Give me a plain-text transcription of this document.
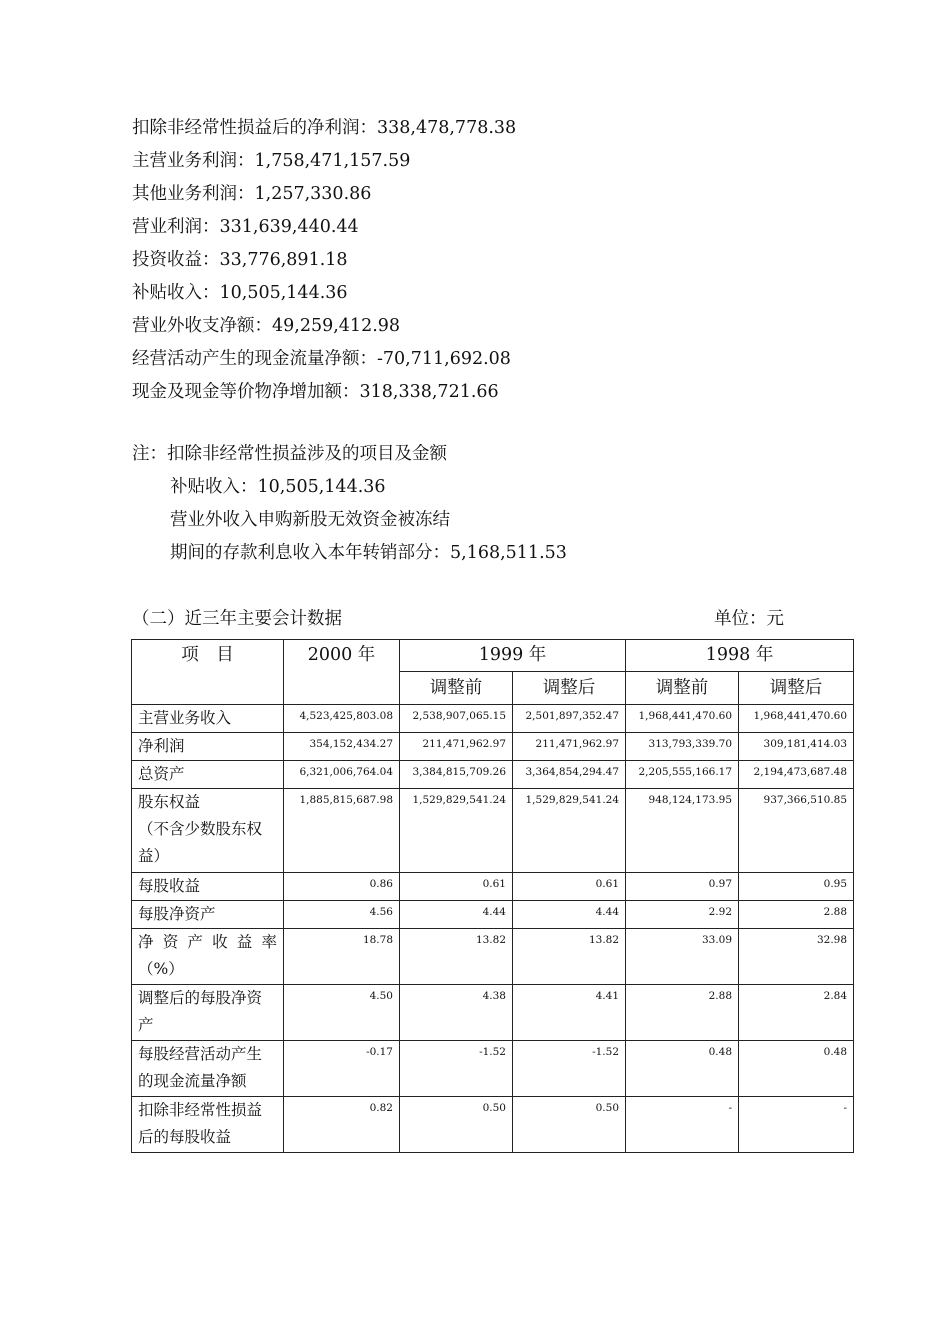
扣除非经常性损益后的净利润：338,478,778.38
主营业务利润：1,758,471,157.59
其他业务利润：1,257,330.86
营业利润：331,639,440.44
投资收益：33,776,891.18
补贴收入：10,505,144.36
营业外收支净额：49,259,412.98
经营活动产生的现金流量净额：-70,711,692.08
现金及现金等价物净增加额：318,338,721.66
注：扣除非经常性损益涉及的项目及金额
补贴收入：10,505,144.36
营业外收入申购新股无效资金被冻结
期间的存款利息收入本年转销部分：5,168,511.53
（二）近三年主要会计数据	单位：元
项　目	2000 年	1999 年		1998 年	
		调整前	调整后	调整前	调整后

主营业务收入	4,523,425,803.08	2,538,907,065.15	2,501,897,352.47	1,968,441,470.60	1,968,441,470.60

净利润	354,152,434.27	211,471,962.97	211,471,962.97	313,793,339.70	309,181,414.03

总资产	6,321,006,764.04	3,384,815,709.26	3,364,854,294.47	2,205,555,166.17	2,194,473,687.48

股东权益
（不含少数股东权
益）	1,885,815,687.98	1,529,829,541.24	1,529,829,541.24	948,124,173.95	937,366,510.85

每股收益	0.86	0.61	0.61	0.97	0.95

每股净资产	4.56	4.44	4.44	2.92	2.88

净资产收益率
（%）	18.78	13.82	13.82	33.09	32.98

调整后的每股净资
产	4.50	4.38	4.41	2.88	2.84

每股经营活动产生
的现金流量净额	-0.17	-1.52	-1.52	0.48	0.48

扣除非经常性损益
后的每股收益	0.82	0.50	0.50	-	-
